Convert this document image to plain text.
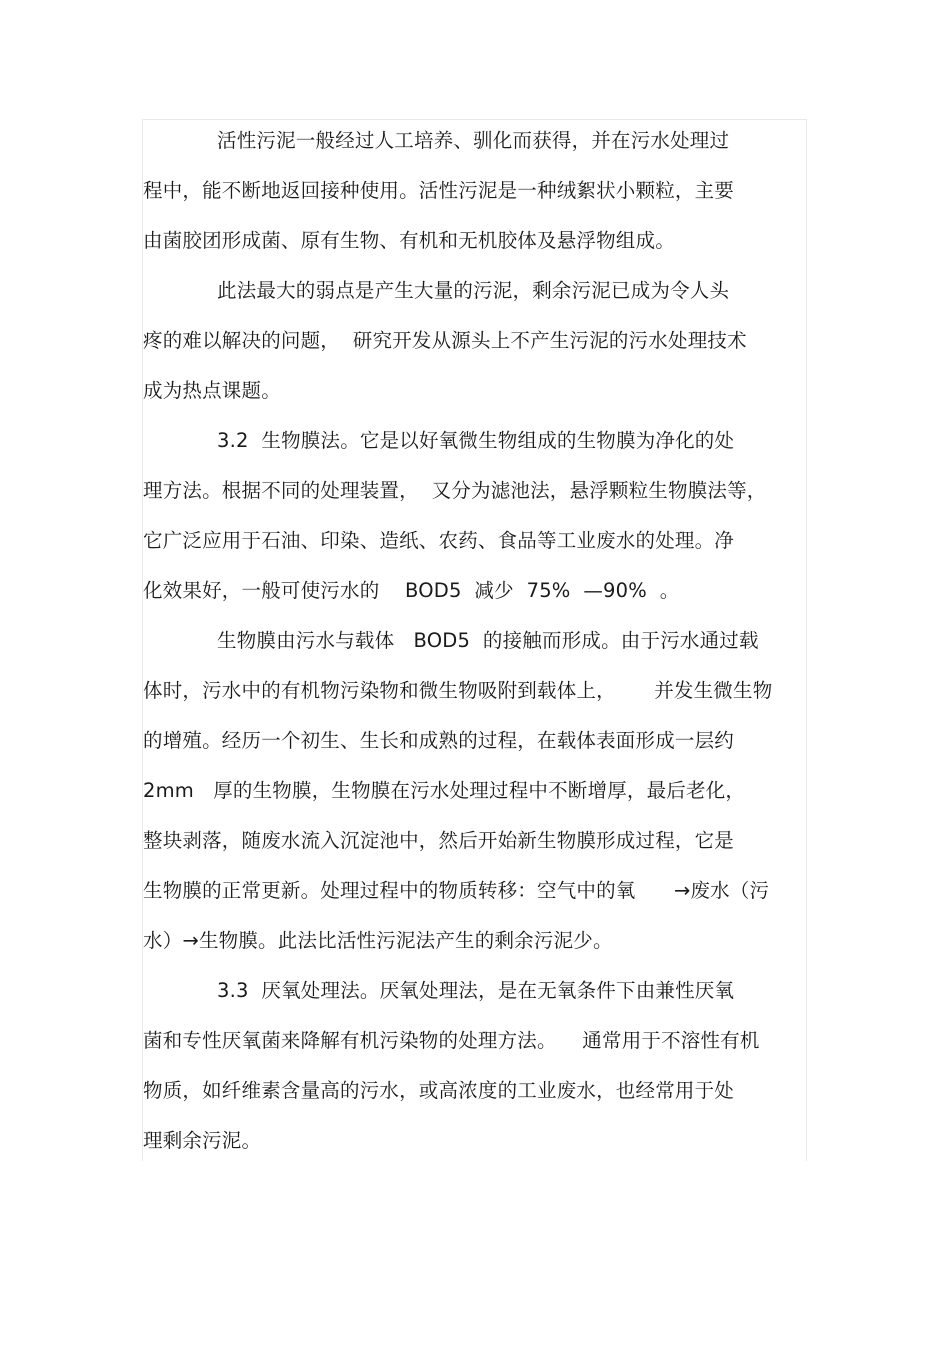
活性污泥一般经过人工培养、驯化而获得，并在污水处理过
程中，能不断地返回接种使用。活性污泥是一种绒絮状小颗粒，主要
由菌胶团形成菌、原有生物、有机和无机胶体及悬浮物组成。
此法最大的弱点是产生大量的污泥，剩余污泥已成为令人头
疼的难以解决的问题，  研究开发从源头上不产生污泥的污水处理技术
成为热点课题。
3.2  生物膜法。它是以好氧微生物组成的生物膜为净化的处
理方法。根据不同的处理装置，  又分为滤池法，悬浮颗粒生物膜法等，
它广泛应用于石油、印染、造纸、农药、食品等工业废水的处理。净
化效果好，一般可使污水的    BOD5  减少  75%  —90%  。
生物膜由污水与载体   BOD5  的接触而形成。由于污水通过载
体时，污水中的有机物污染物和微生物吸附到载体上，      并发生微生物
的增殖。经历一个初生、生长和成熟的过程，在载体表面形成一层约
2mm   厚的生物膜，生物膜在污水处理过程中不断增厚，最后老化，
整块剥落，随废水流入沉淀池中，然后开始新生物膜形成过程，它是
生物膜的正常更新。处理过程中的物质转移：空气中的氧      →废水（污
水）→生物膜。此法比活性污泥法产生的剩余污泥少。
3.3  厌氧处理法。厌氧处理法，是在无氧条件下由兼性厌氧
菌和专性厌氧菌来降解有机污染物的处理方法。    通常用于不溶性有机
物质，如纤维素含量高的污水，或高浓度的工业废水，也经常用于处
理剩余污泥。
